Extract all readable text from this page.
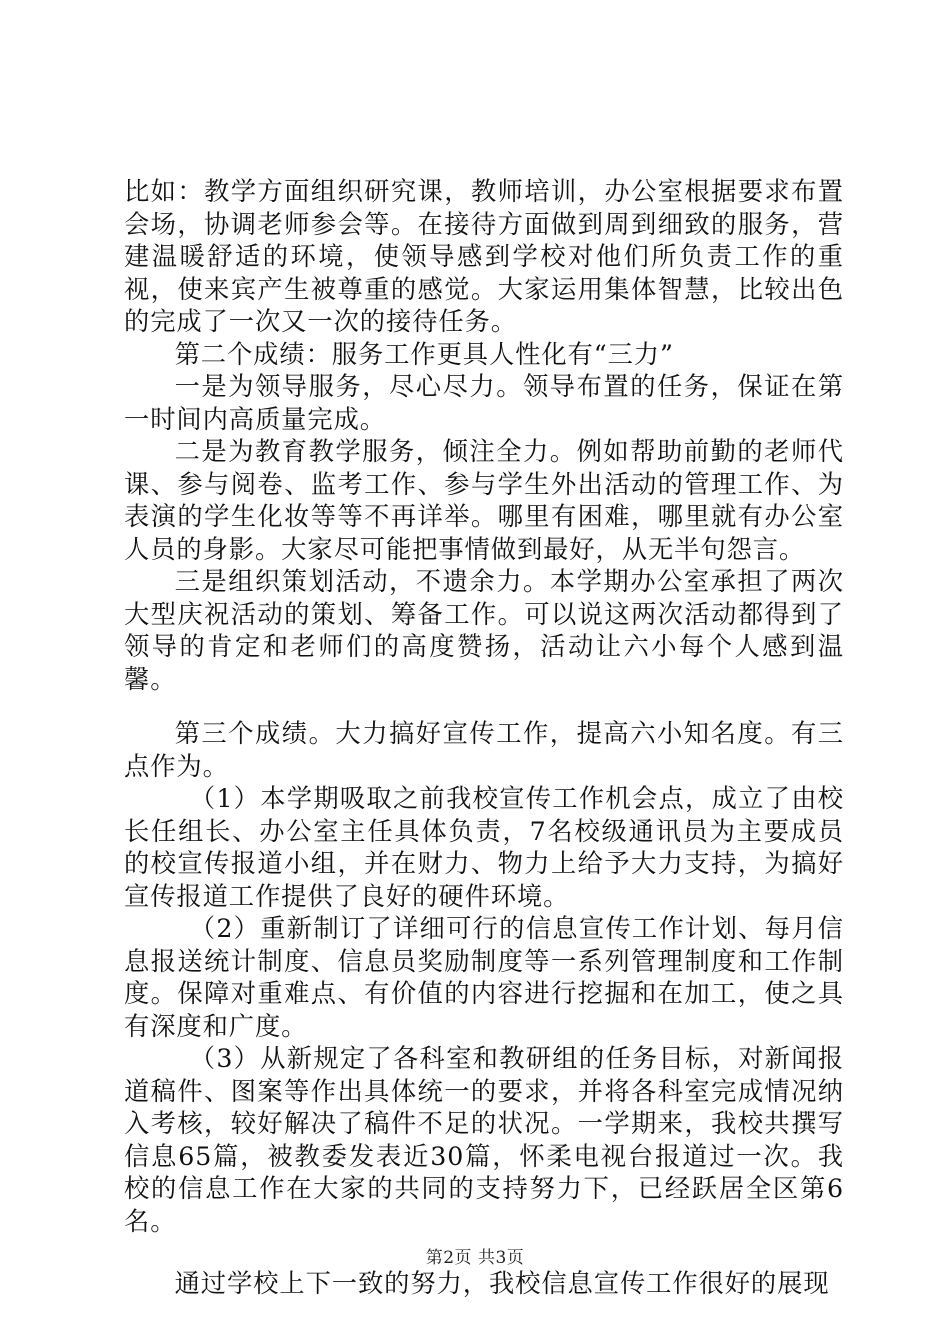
比如：教学方面组织研究课，教师培训，办公室根据要求布置会场，协调老师参会等。在接待方面做到周到细致的服务，营建温暖舒适的环境，使领导感到学校对他们所负责工作的重视，使来宾产生被尊重的感觉。大家运用集体智慧，比较出色的完成了一次又一次的接待任务。

第二个成绩：服务工作更具人性化有“三力”

一是为领导服务，尽心尽力。领导布置的任务，保证在第一时间内高质量完成。

二是为教育教学服务，倾注全力。例如帮助前勤的老师代课、参与阅卷、监考工作、参与学生外出活动的管理工作、为表演的学生化妆等等不再详举。哪里有困难，哪里就有办公室人员的身影。大家尽可能把事情做到最好，从无半句怨言。

三是组织策划活动，不遗余力。本学期办公室承担了两次大型庆祝活动的策划、筹备工作。可以说这两次活动都得到了领导的肯定和老师们的高度赞扬，活动让六小每个人感到温馨。

第三个成绩。大力搞好宣传工作，提高六小知名度。有三点作为。

（1）本学期吸取之前我校宣传工作机会点，成立了由校长任组长、办公室主任具体负责，7名校级通讯员为主要成员的校宣传报道小组，并在财力、物力上给予大力支持，为搞好宣传报道工作提供了良好的硬件环境。

（2）重新制订了详细可行的信息宣传工作计划、每月信息报送统计制度、信息员奖励制度等一系列管理制度和工作制度。保障对重难点、有价值的内容进行挖掘和在加工，使之具有深度和广度。

（3）从新规定了各科室和教研组的任务目标，对新闻报道稿件、图案等作出具体统一的要求，并将各科室完成情况纳入考核，较好解决了稿件不足的状况。一学期来，我校共撰写信息65篇，被教委发表近30篇，怀柔电视台报道过一次。我校的信息工作在大家的共同的支持努力下，已经跃居全区第6名。

通过学校上下一致的努力，我校信息宣传工作很好的展现

第2页 共3页
